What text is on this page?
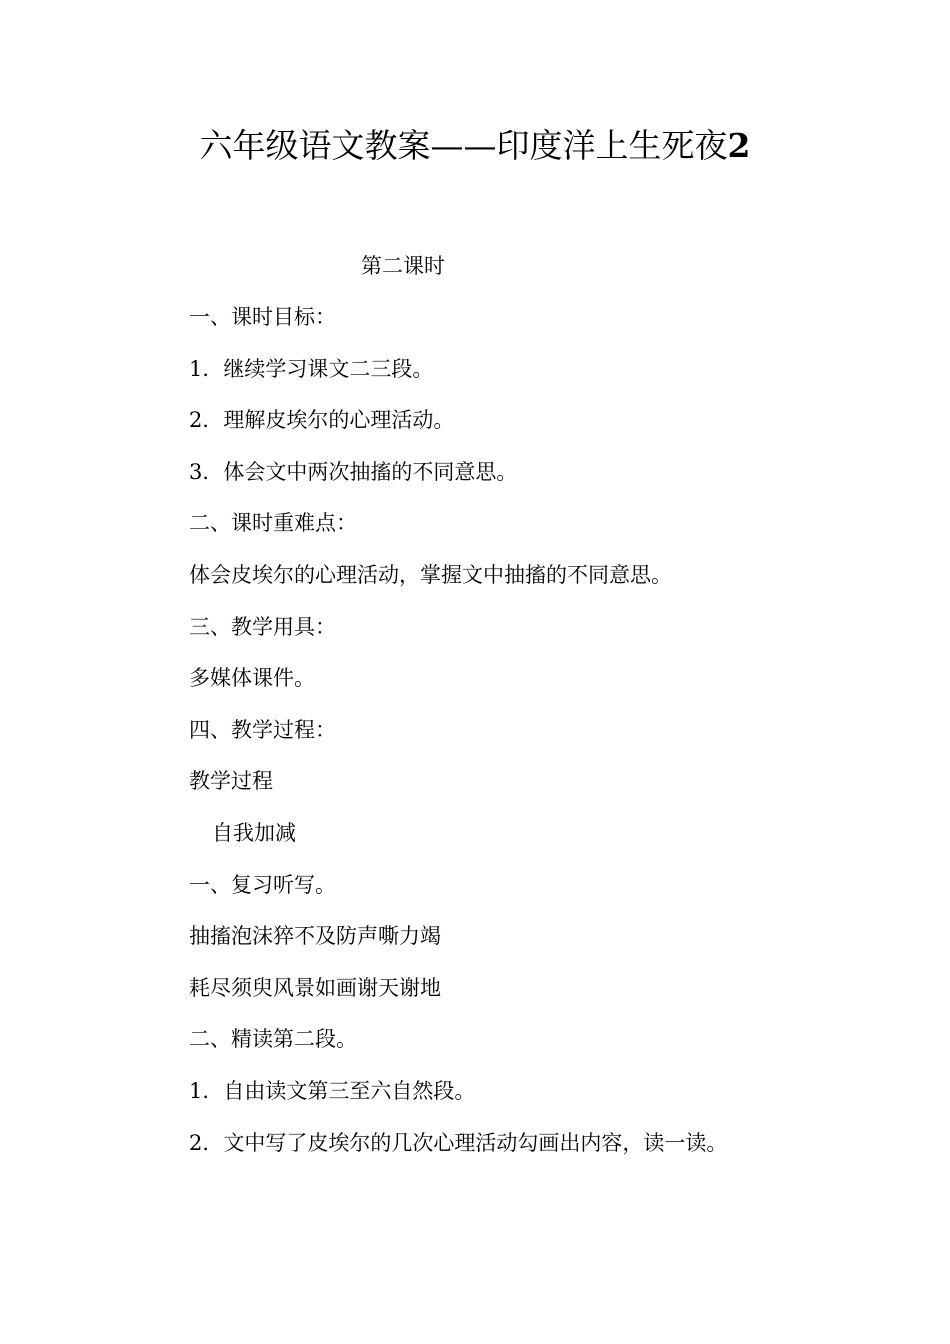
六年级语文教案——印度洋上生死夜2
第二课时
一、课时目标：
1．继续学习课文二三段。
2．理解皮埃尔的心理活动。
3．体会文中两次抽搐的不同意思。
二、课时重难点：
体会皮埃尔的心理活动，掌握文中抽搐的不同意思。
三、教学用具：
多媒体课件。
四、教学过程：
教学过程
自我加减
一、复习听写。
抽搐泡沫猝不及防声嘶力竭
耗尽须臾风景如画谢天谢地
二、精读第二段。
1．自由读文第三至六自然段。
2．文中写了皮埃尔的几次心理活动勾画出内容，读一读。
